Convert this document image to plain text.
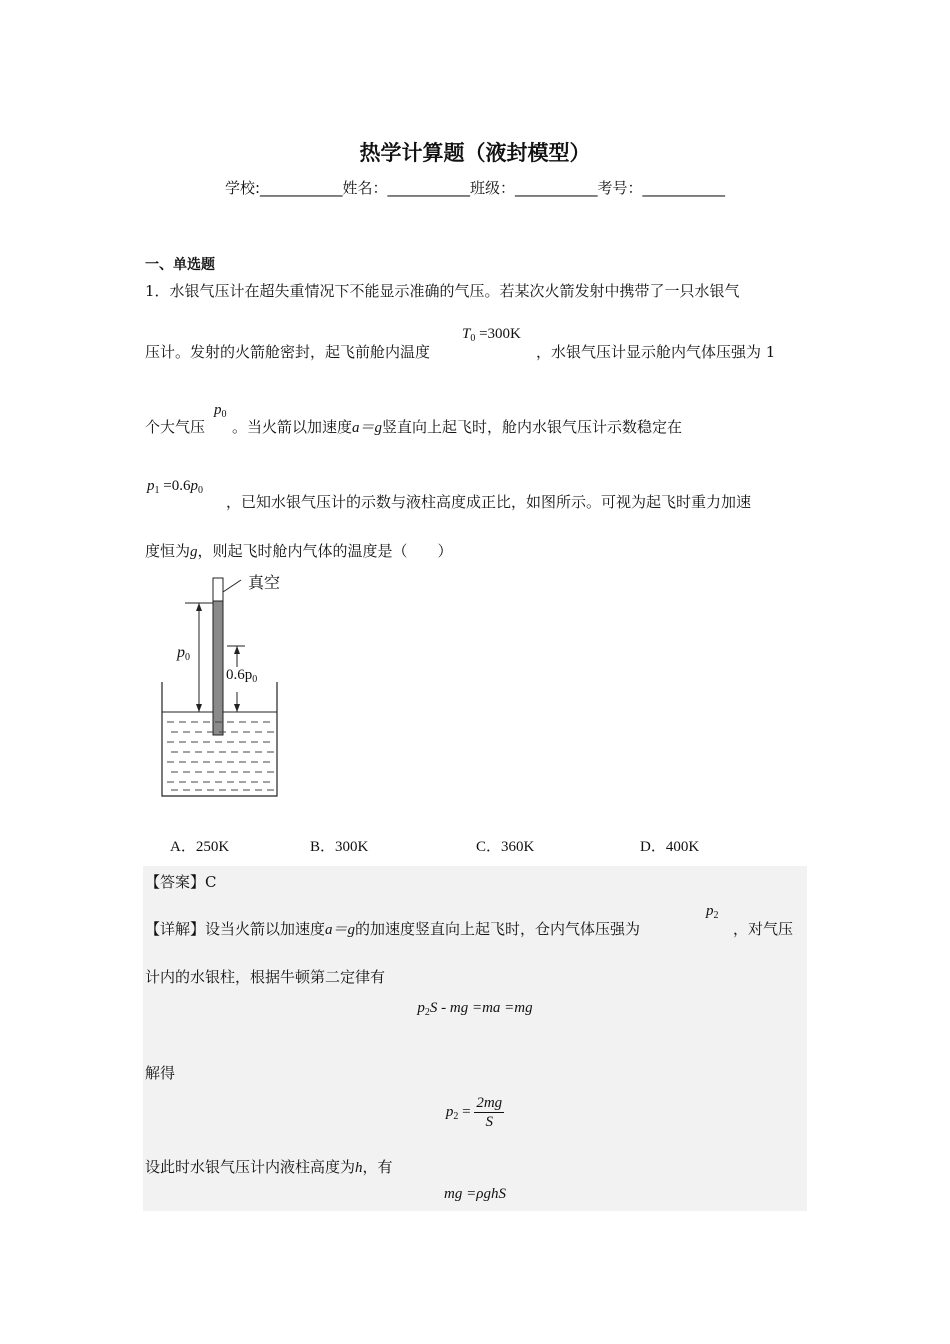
热学计算题（液封模型）
学校:___________姓名：___________班级：___________考号：___________
一、单选题
1．水银气压计在超失重情况下不能显示准确的气压。若某次火箭发射中携带了一只水银气
压计。发射的火箭舱密封，起飞前舱内温度
$T_0 =300K$
，水银气压计显示舱内气体压强为 1
个大气压
$p_0$
。当火箭以加速度a＝g竖直向上起飞时，舱内水银气压计示数稳定在
$p_1 =0.6p_0$
，已知水银气压计的示数与液柱高度成正比，如图所示。可视为起飞时重力加速
度恒为g，则起飞时舱内气体的温度是（　　）
真空
$p_0$
$0.6p_0$
A．250K	B．300K	C．360K	D．400K
【答案】C
【详解】设当火箭以加速度a＝g的加速度竖直向上起飞时，仓内气体压强为
$p_2$
，对气压
计内的水银柱，根据牛顿第二定律有
$p_2S$ - mg =ma =mg
解得
$p_2 = \frac{2mg}{S}$
设此时水银气压计内液柱高度为h，有
mg =ρghS
